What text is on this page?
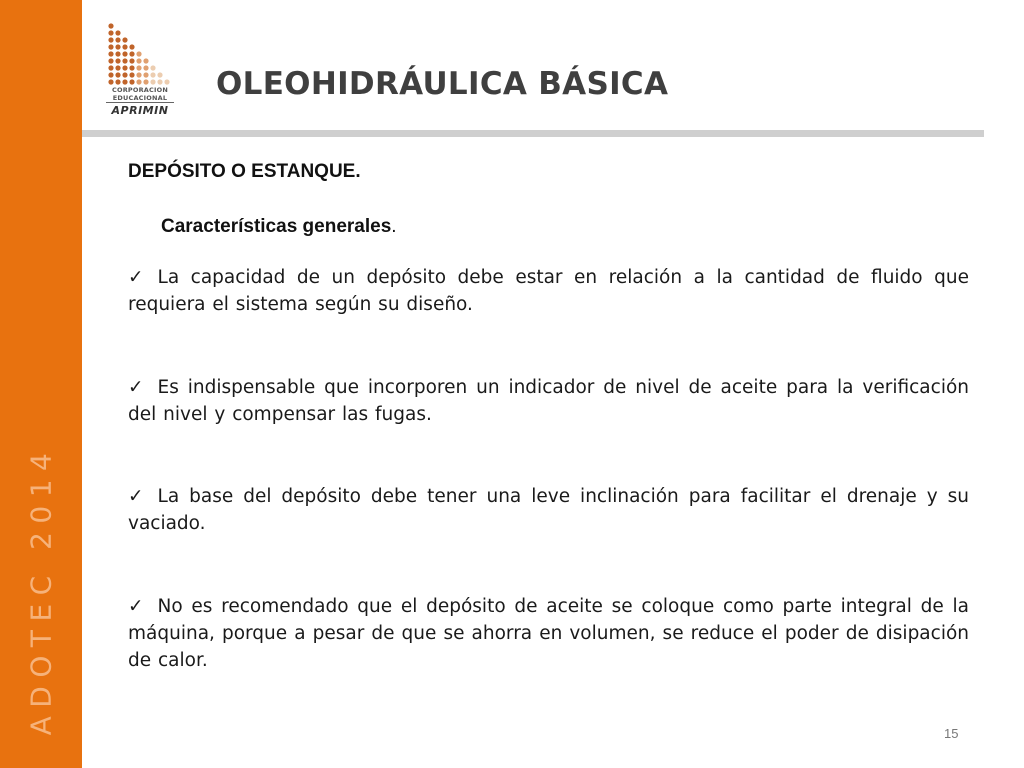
ADOTEC 2014
CORPORACION
EDUCACIONAL
APRIMIN
OLEOHIDRÁULICA BÁSICA
DEPÓSITO O ESTANQUE.
Características generales.
✓ La capacidad de un depósito debe estar en relación a la cantidad de fluido que requiera el sistema según su diseño.
✓ Es indispensable que incorporen un indicador de nivel de aceite para la verificación del nivel y compensar las fugas.
✓ La base del depósito debe tener una leve inclinación para facilitar el drenaje y su vaciado.
✓ No es recomendado que el depósito de aceite se coloque como parte integral de la máquina, porque a pesar de que se ahorra en volumen, se reduce el poder de disipación de calor.
15
